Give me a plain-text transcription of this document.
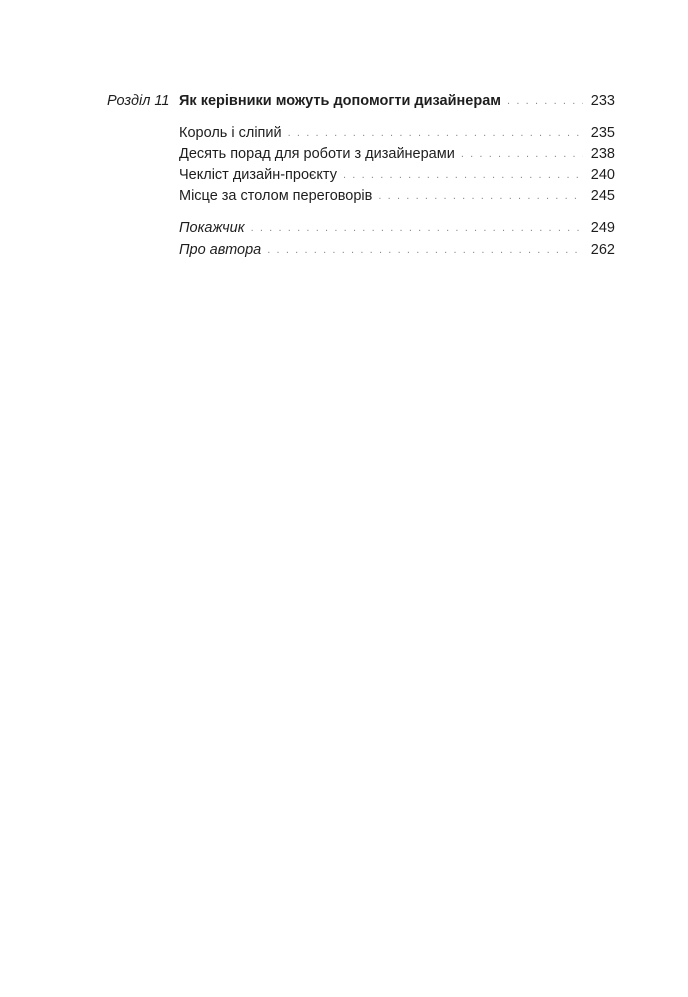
Розділ 11 Як керівники можуть допомогти дизайнерам . . .	233
Король і сліпий . . .	235
Десять порад для роботи з дизайнерами . . .	238
Чекліст дизайн-проєкту . . .	240
Місце за столом переговорів . . .	245
Покажчик . . .	249
Про автора . . .	262
